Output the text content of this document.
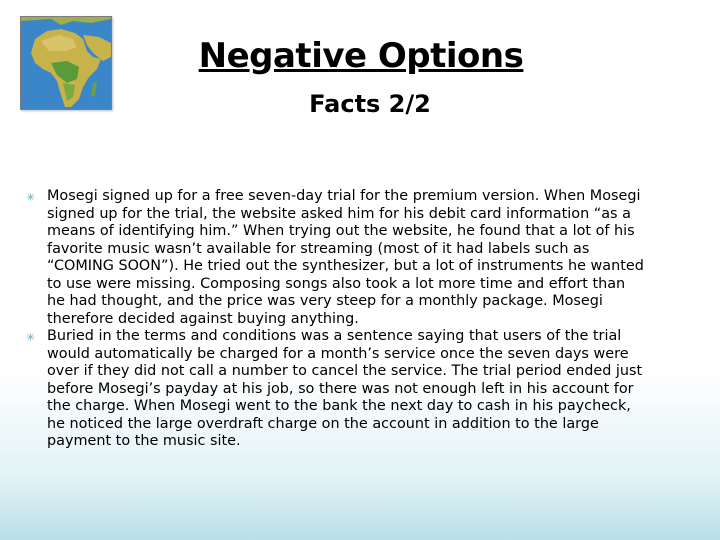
Negative Options
Facts 2/2
✳ Mosegi signed up for a free seven-day trial for the premium version. When Mosegi signed up for the trial, the website asked him for his debit card information “as a means of identifying him.” When trying out the website, he found that a lot of his favorite music wasn’t available for streaming (most of it had labels such as “COMING SOON”). He tried out the synthesizer, but a lot of instruments he wanted to use were missing. Composing songs also took a lot more time and effort than he had thought, and the price was very steep for a monthly package. Mosegi therefore decided against buying anything.
✳ Buried in the terms and conditions was a sentence saying that users of the trial would automatically be charged for a month’s service once the seven days were over if they did not call a number to cancel the service. The trial period ended just before Mosegi’s payday at his job, so there was not enough left in his account for the charge. When Mosegi went to the bank the next day to cash in his paycheck, he noticed the large overdraft charge on the account in addition to the large payment to the music site.
